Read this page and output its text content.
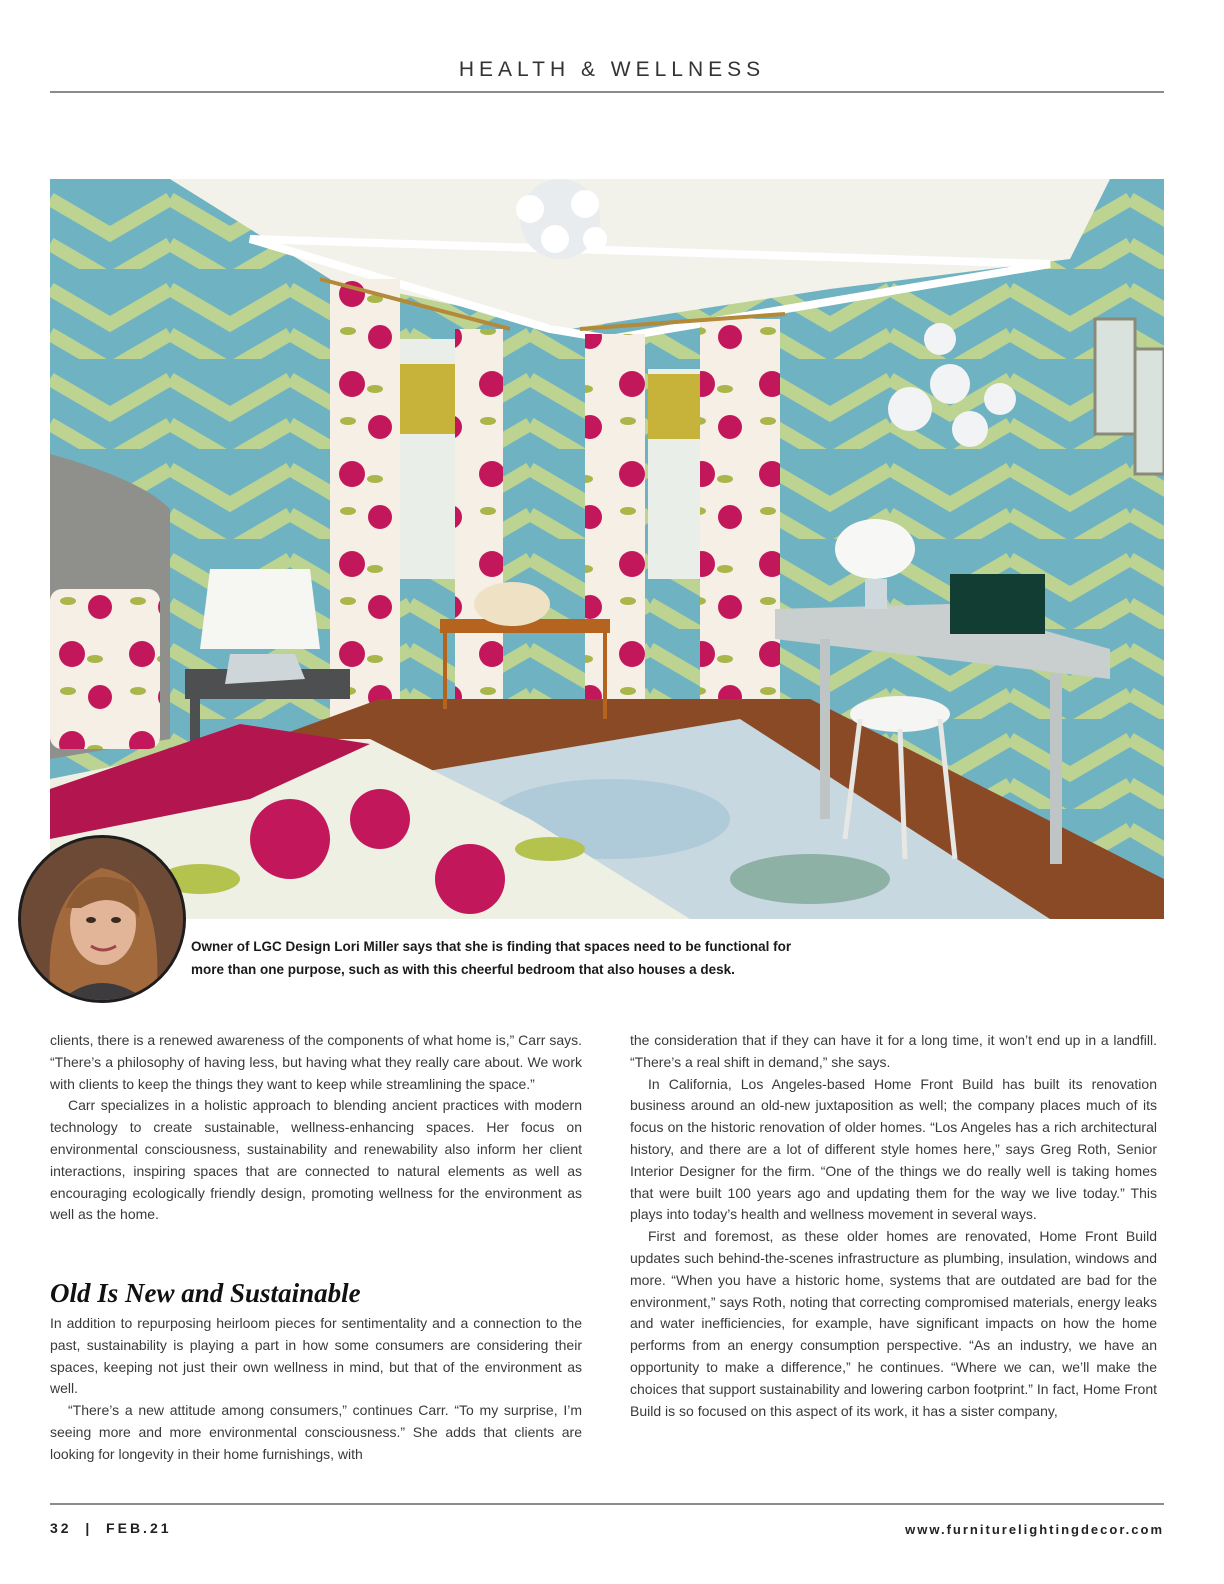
HEALTH & WELLNESS
Owner of LGC Design Lori Miller says that she is finding that spaces need to be functional for
more than one purpose, such as with this cheerful bedroom that also houses a desk.

clients, there is a renewed awareness of the components of what home is,” Carr says. “There’s a philosophy of having less, but having what they really care about. We work with clients to keep the things they want to keep while streamlining the space.”

Carr specializes in a holistic approach to blending ancient practices with modern technology to create sustainable, wellness-enhancing spaces. Her focus on environmental consciousness, sustainability and renewability also inform her client interactions, inspiring spaces that are connected to natural elements as well as encouraging ecologically friendly design, promoting wellness for the environment as well as the home.

Old Is New and Sustainable

In addition to repurposing heirloom pieces for sentimentality and a connection to the past, sustainability is playing a part in how some consumers are considering their spaces, keeping not just their own wellness in mind, but that of the environment as well.

“There’s a new attitude among consumers,” continues Carr. “To my surprise, I’m seeing more and more environmental consciousness.” She adds that clients are looking for longevity in their home furnishings, with

the consideration that if they can have it for a long time, it won’t end up in a landfill. “There’s a real shift in demand,” she says.

In California, Los Angeles-based Home Front Build has built its renovation business around an old-new juxtaposition as well; the company places much of its focus on the historic renovation of older homes. “Los Angeles has a rich architectural history, and there are a lot of different style homes here,” says Greg Roth, Senior Interior Designer for the firm. “One of the things we do really well is taking homes that were built 100 years ago and updating them for the way we live today.” This plays into today’s health and wellness movement in several ways.

First and foremost, as these older homes are renovated, Home Front Build updates such behind-the-scenes infrastructure as plumbing, insulation, windows and more. “When you have a historic home, systems that are outdated are bad for the environment,” says Roth, noting that correcting compromised materials, energy leaks and water inefficiencies, for example, have significant impacts on how the home performs from an energy consumption perspective. “As an industry, we have an opportunity to make a difference,” he continues. “Where we can, we’ll make the choices that support sustainability and lowering carbon footprint.” In fact, Home Front Build is so focused on this aspect of its work, it has a sister company,

32  |  FEB.21	www.furniturelightingdecor.com
